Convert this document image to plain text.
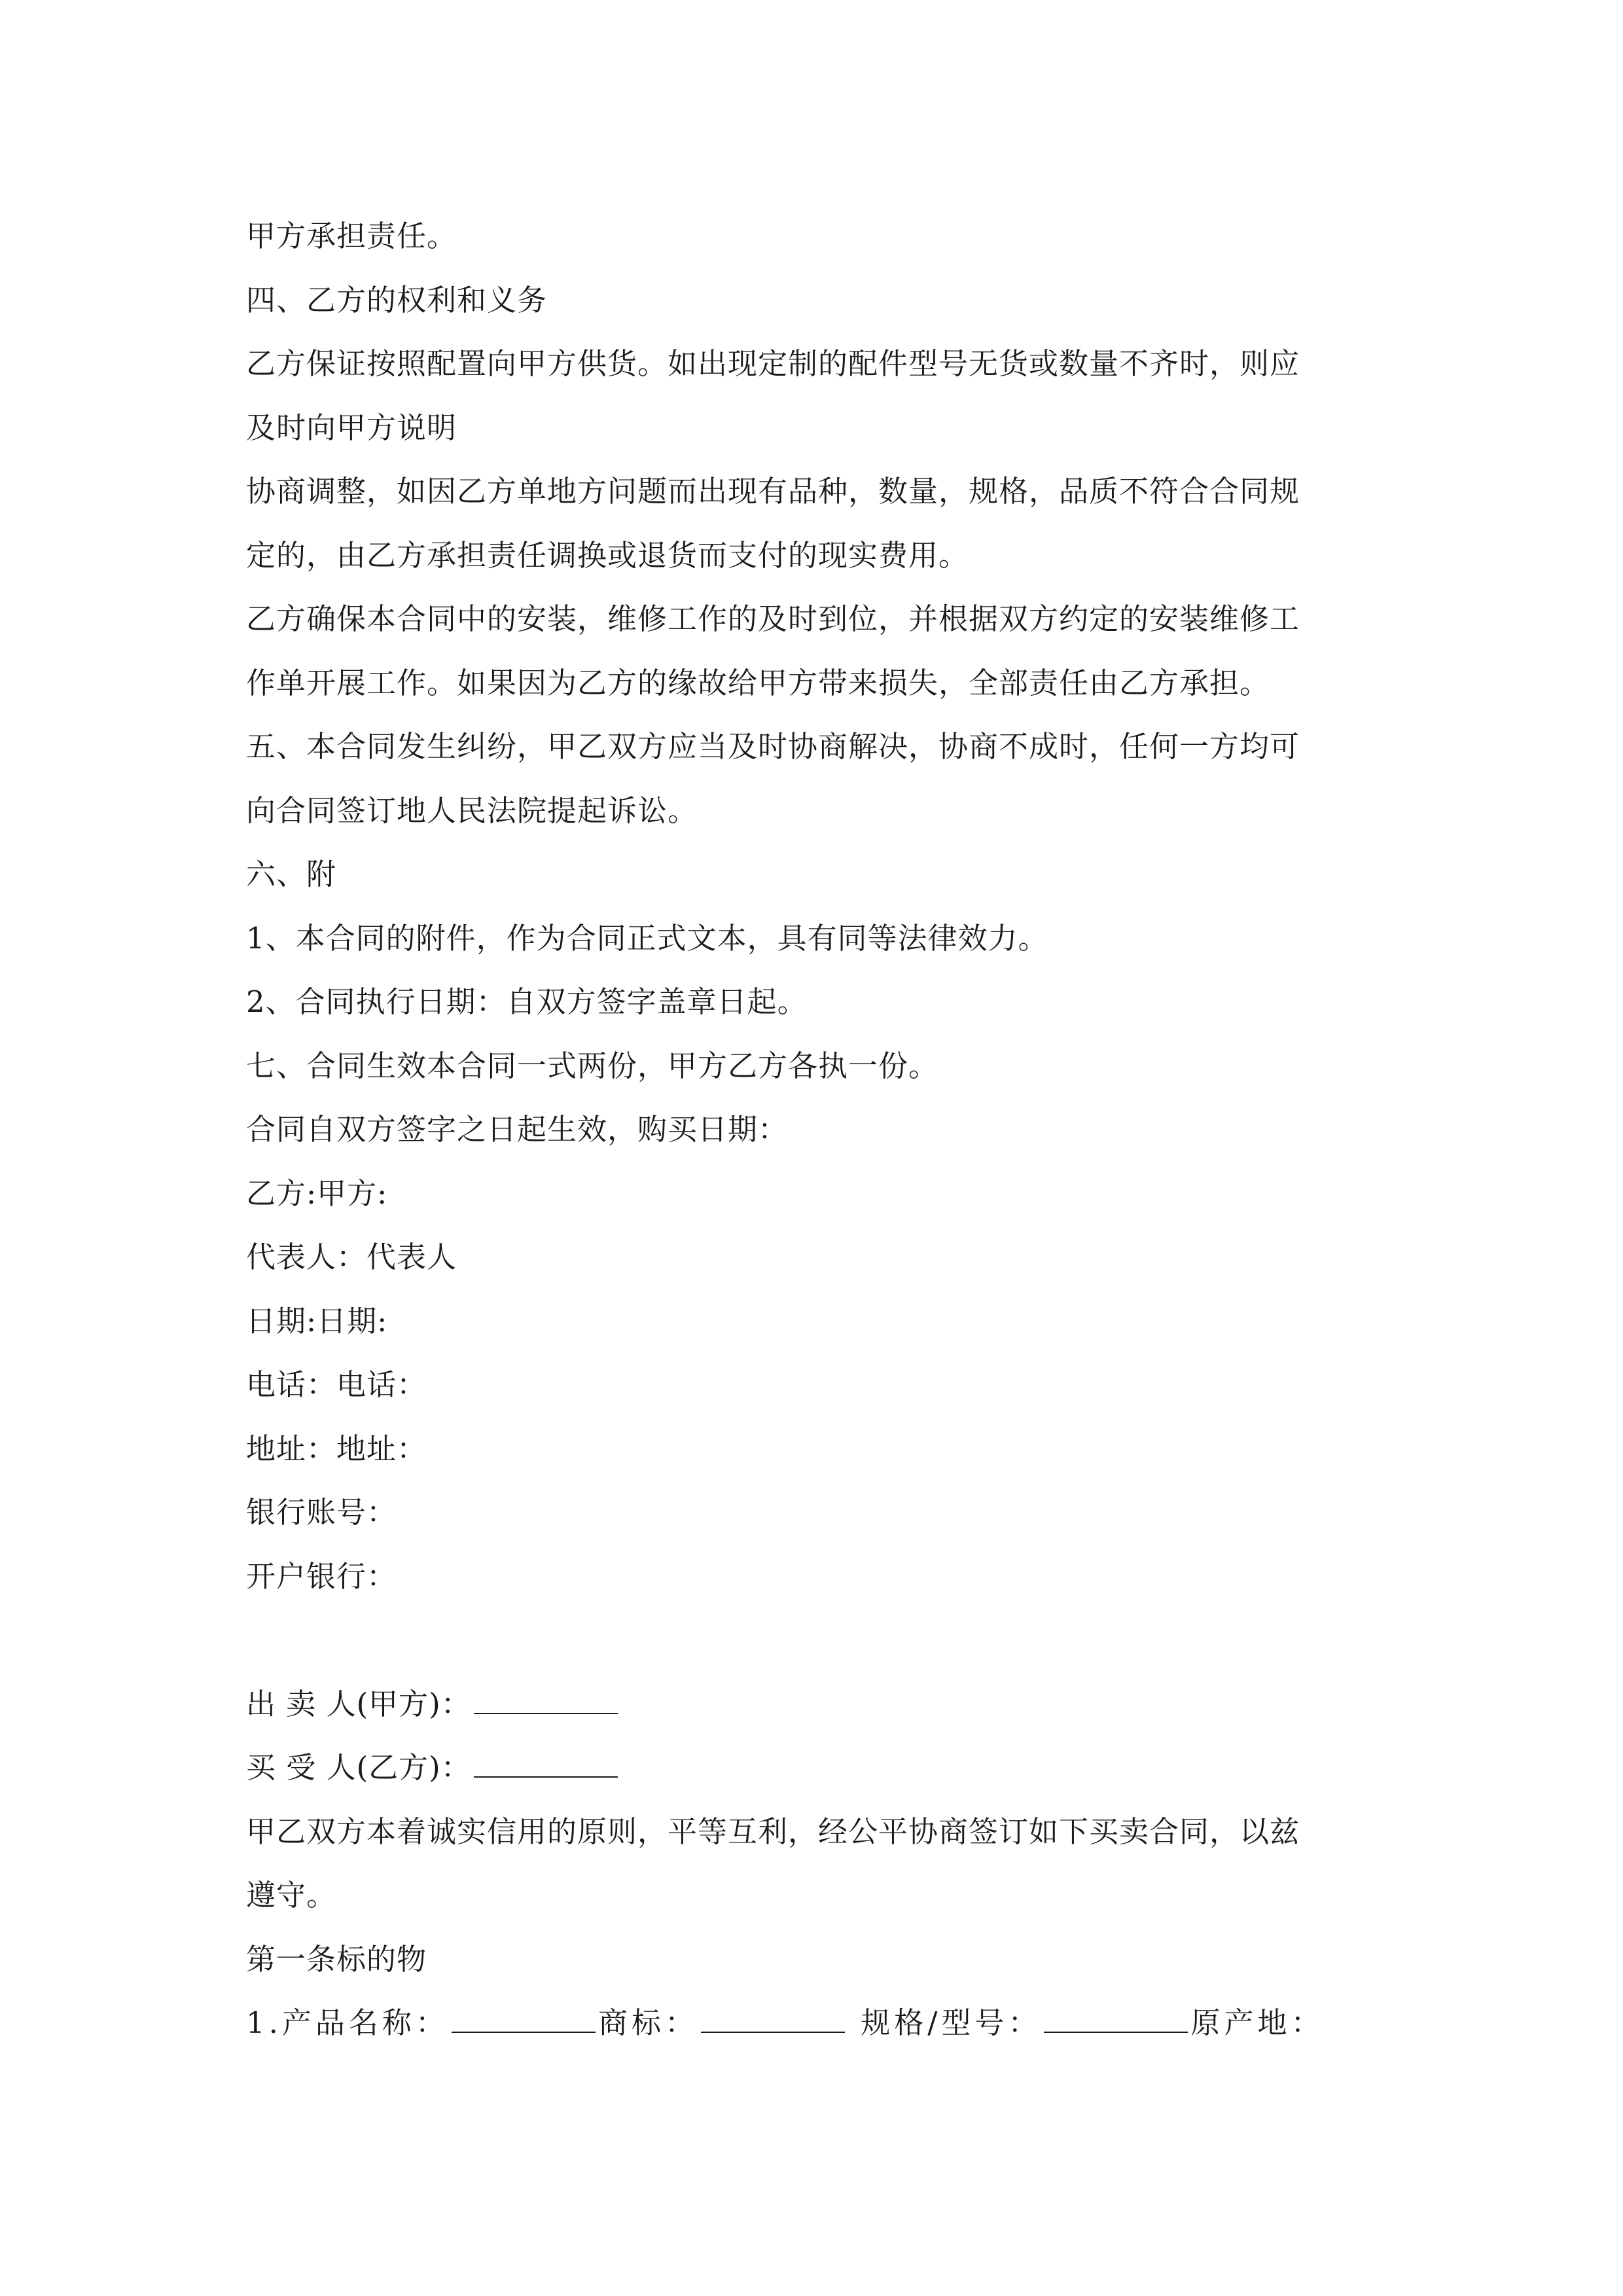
甲方承担责任。
四、乙方的权利和义务
乙方保证按照配置向甲方供货。如出现定制的配件型号无货或数量不齐时，则应
及时向甲方说明
协商调整，如因乙方单地方问题而出现有品种，数量，规格，品质不符合合同规
定的，由乙方承担责任调换或退货而支付的现实费用。
乙方确保本合同中的安装，维修工作的及时到位，并根据双方约定的安装维修工
作单开展工作。如果因为乙方的缘故给甲方带来损失，全部责任由乙方承担。
五、本合同发生纠纷，甲乙双方应当及时协商解决，协商不成时，任何一方均可
向合同签订地人民法院提起诉讼。
六、附
1、本合同的附件，作为合同正式文本，具有同等法律效力。
2、合同执行日期：自双方签字盖章日起。
七、合同生效本合同一式两份，甲方乙方各执一份。
合同自双方签字之日起生效，购买日期：
乙方:甲方:
代表人：代表人
日期:日期:
电话：电话：
地址：地址：
银行账号：
开户银行：
出 卖 人(甲方)：
买 受 人(乙方)：
甲乙双方本着诚实信用的原则，平等互利，经公平协商签订如下买卖合同，以兹
遵守。
第一条标的物
1.产品名称：	商标：	规格/型号：	原产地：
